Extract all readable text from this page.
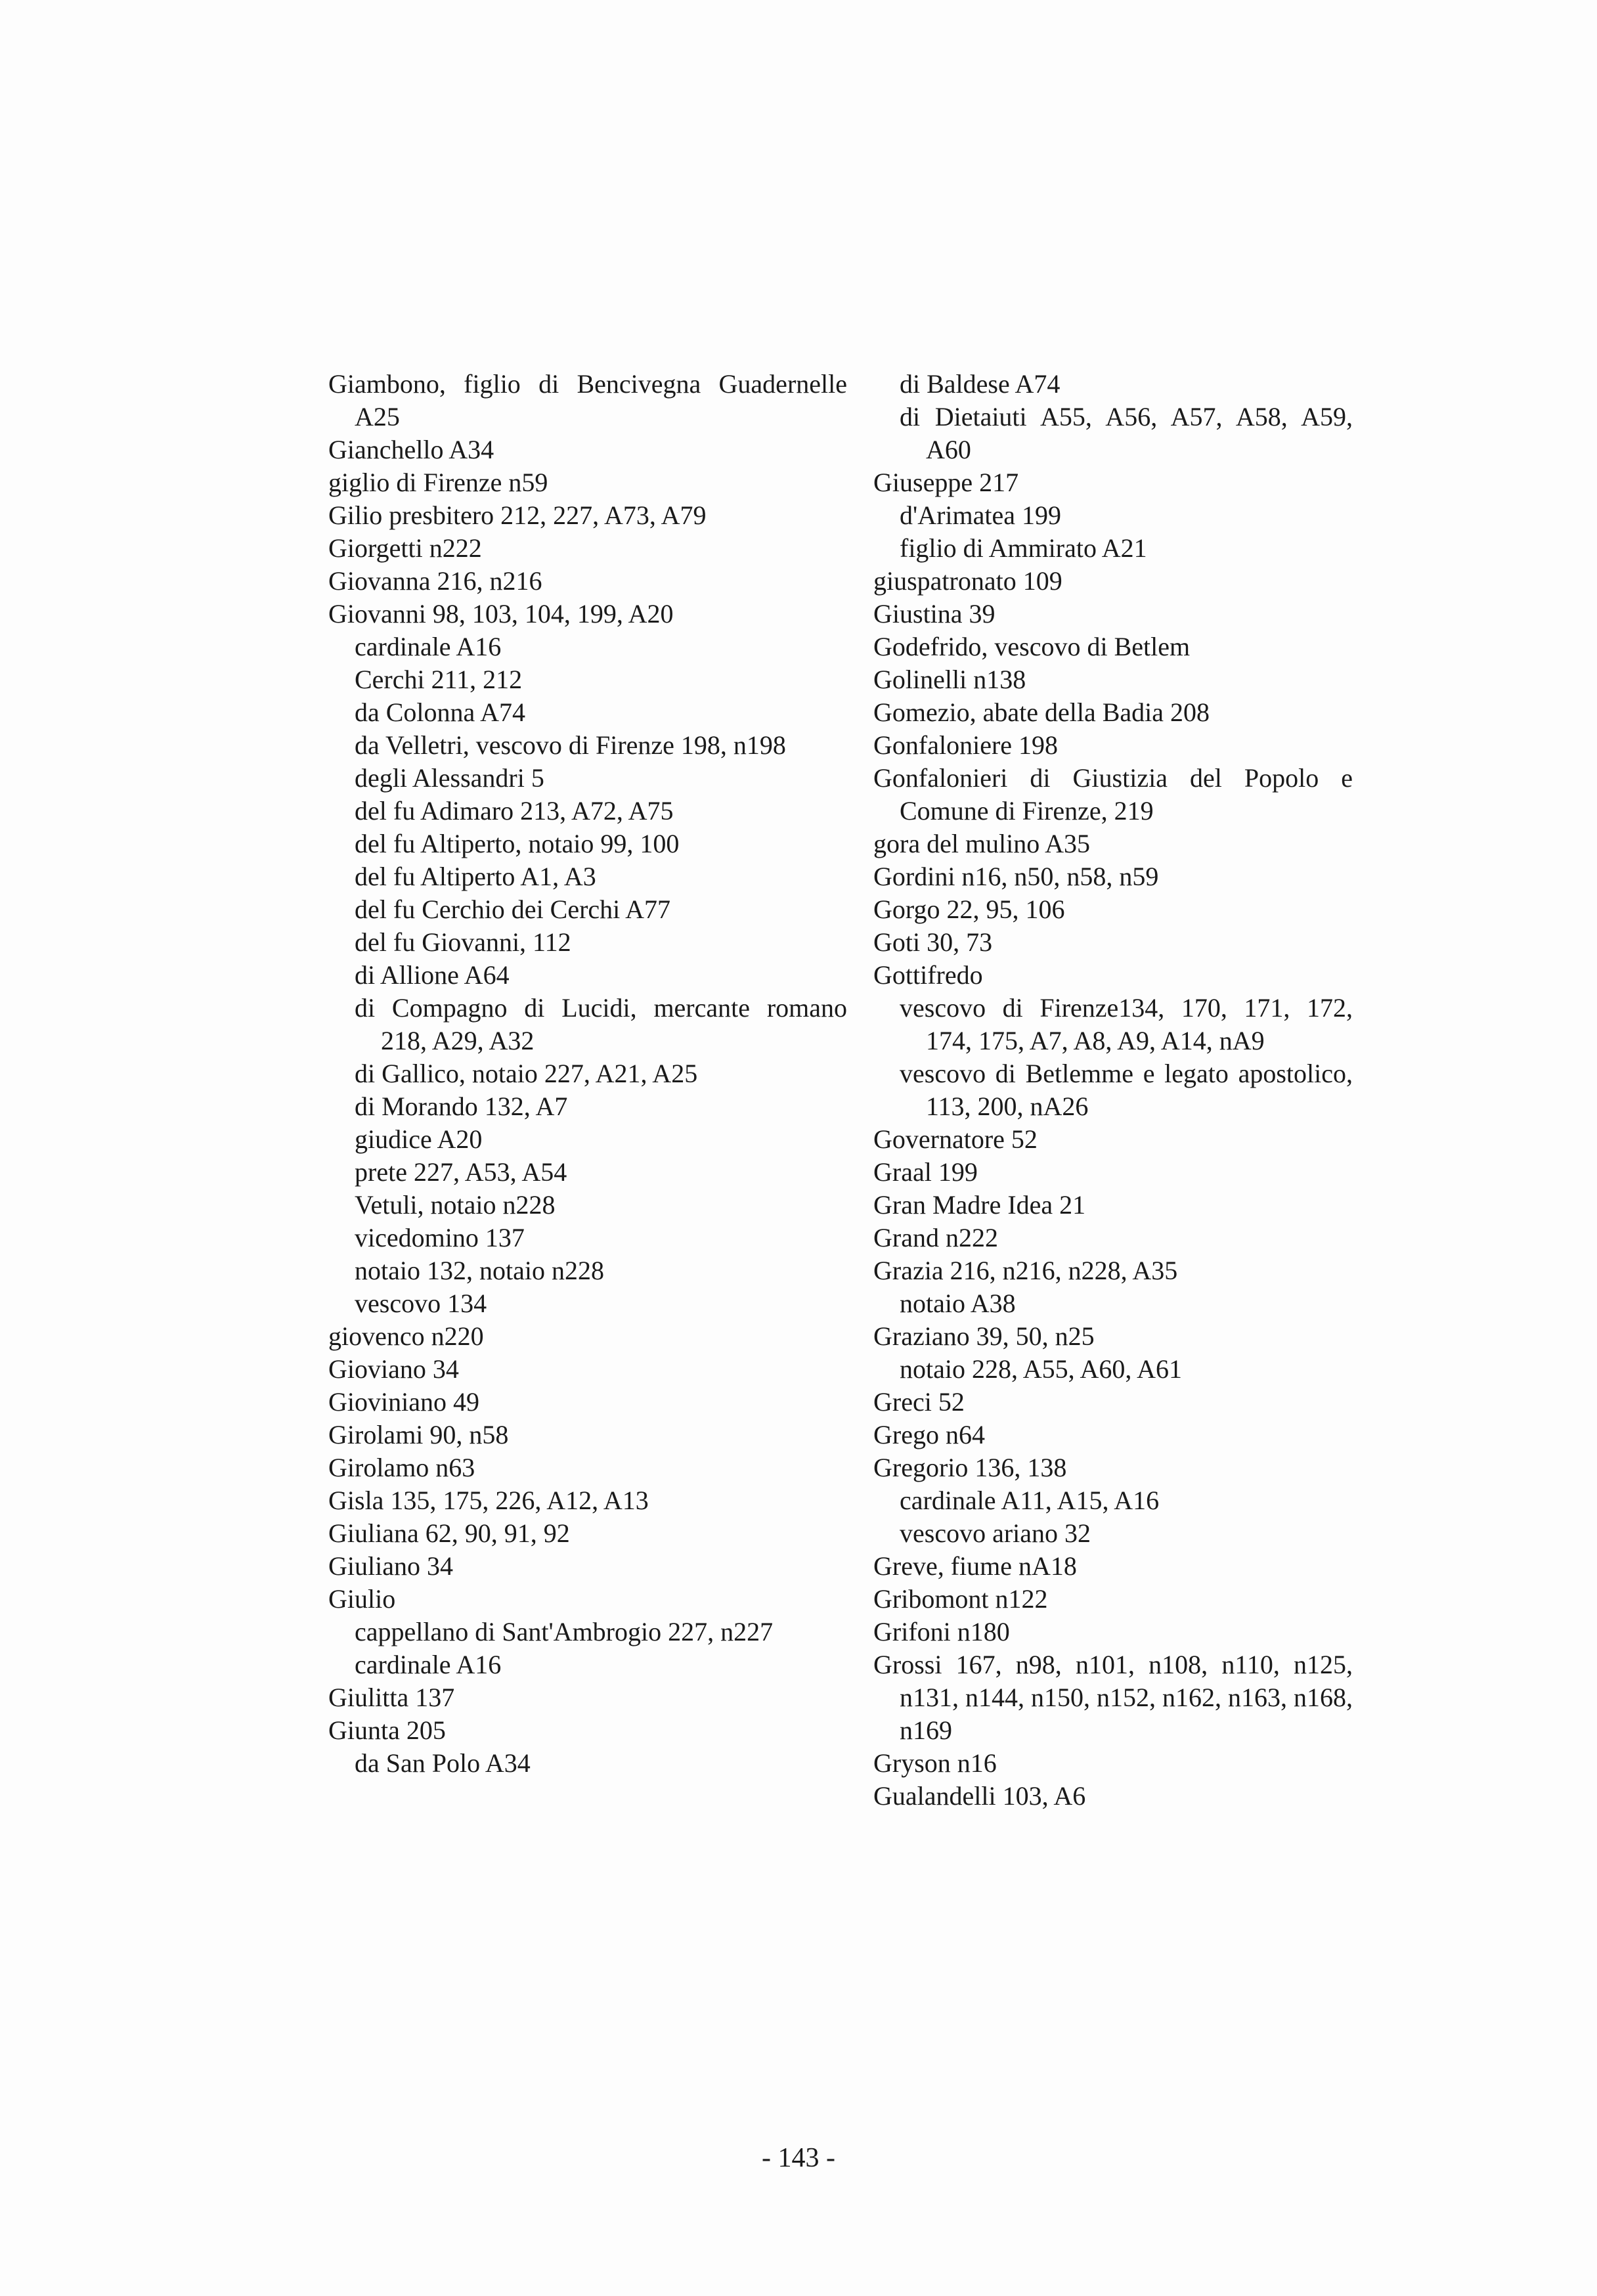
Giambono, figlio di Bencivegna Guadernelle A25

Gianchello A34

giglio di Firenze n59

Gilio presbitero 212, 227, A73, A79

Giorgetti n222

Giovanna 216, n216

Giovanni 98, 103, 104, 199, A20

cardinale A16

Cerchi 211, 212

da Colonna A74

da Velletri, vescovo di Firenze 198, n198

degli Alessandri 5

del fu Adimaro 213, A72, A75

del fu Altiperto, notaio 99, 100

del fu Altiperto A1, A3

del fu Cerchio dei Cerchi A77

del fu Giovanni, 112

di Allione A64

di Compagno di Lucidi, mercante romano 218, A29, A32

di Gallico, notaio 227, A21, A25

di Morando 132, A7

giudice A20

prete 227, A53, A54

Vetuli, notaio n228

vicedomino 137

notaio 132, notaio n228

vescovo 134

giovenco n220

Gioviano 34

Gioviniano 49

Girolami 90, n58

Girolamo n63

Gisla 135, 175, 226, A12, A13

Giuliana 62, 90, 91, 92

Giuliano 34

Giulio

cappellano di Sant'Ambrogio 227, n227

cardinale A16

Giulitta 137

Giunta 205

da San Polo A34

di Baldese A74

di Dietaiuti A55, A56, A57, A58, A59, A60

Giuseppe 217

d'Arimatea 199

figlio di Ammirato A21

giuspatronato 109

Giustina 39

Godefrido, vescovo di Betlem

Golinelli n138

Gomezio, abate della Badia 208

Gonfaloniere 198

Gonfalonieri di Giustizia del Popolo e Comune di Firenze, 219

gora del mulino A35

Gordini n16, n50, n58, n59

Gorgo 22, 95, 106

Goti 30, 73

Gottifredo

vescovo di Firenze134, 170, 171, 172, 174, 175, A7, A8, A9, A14, nA9

vescovo di Betlemme e legato apostolico, 113, 200, nA26

Governatore 52

Graal 199

Gran Madre Idea 21

Grand n222

Grazia 216, n216, n228, A35

notaio A38

Graziano 39, 50, n25

notaio 228, A55, A60, A61

Greci 52

Grego n64

Gregorio 136, 138

cardinale A11, A15, A16

vescovo ariano 32

Greve, fiume nA18

Gribomont n122

Grifoni n180

Grossi 167, n98, n101, n108, n110, n125, n131, n144, n150, n152, n162, n163, n168, n169

Gryson n16

Gualandelli 103, A6

- 143 -
